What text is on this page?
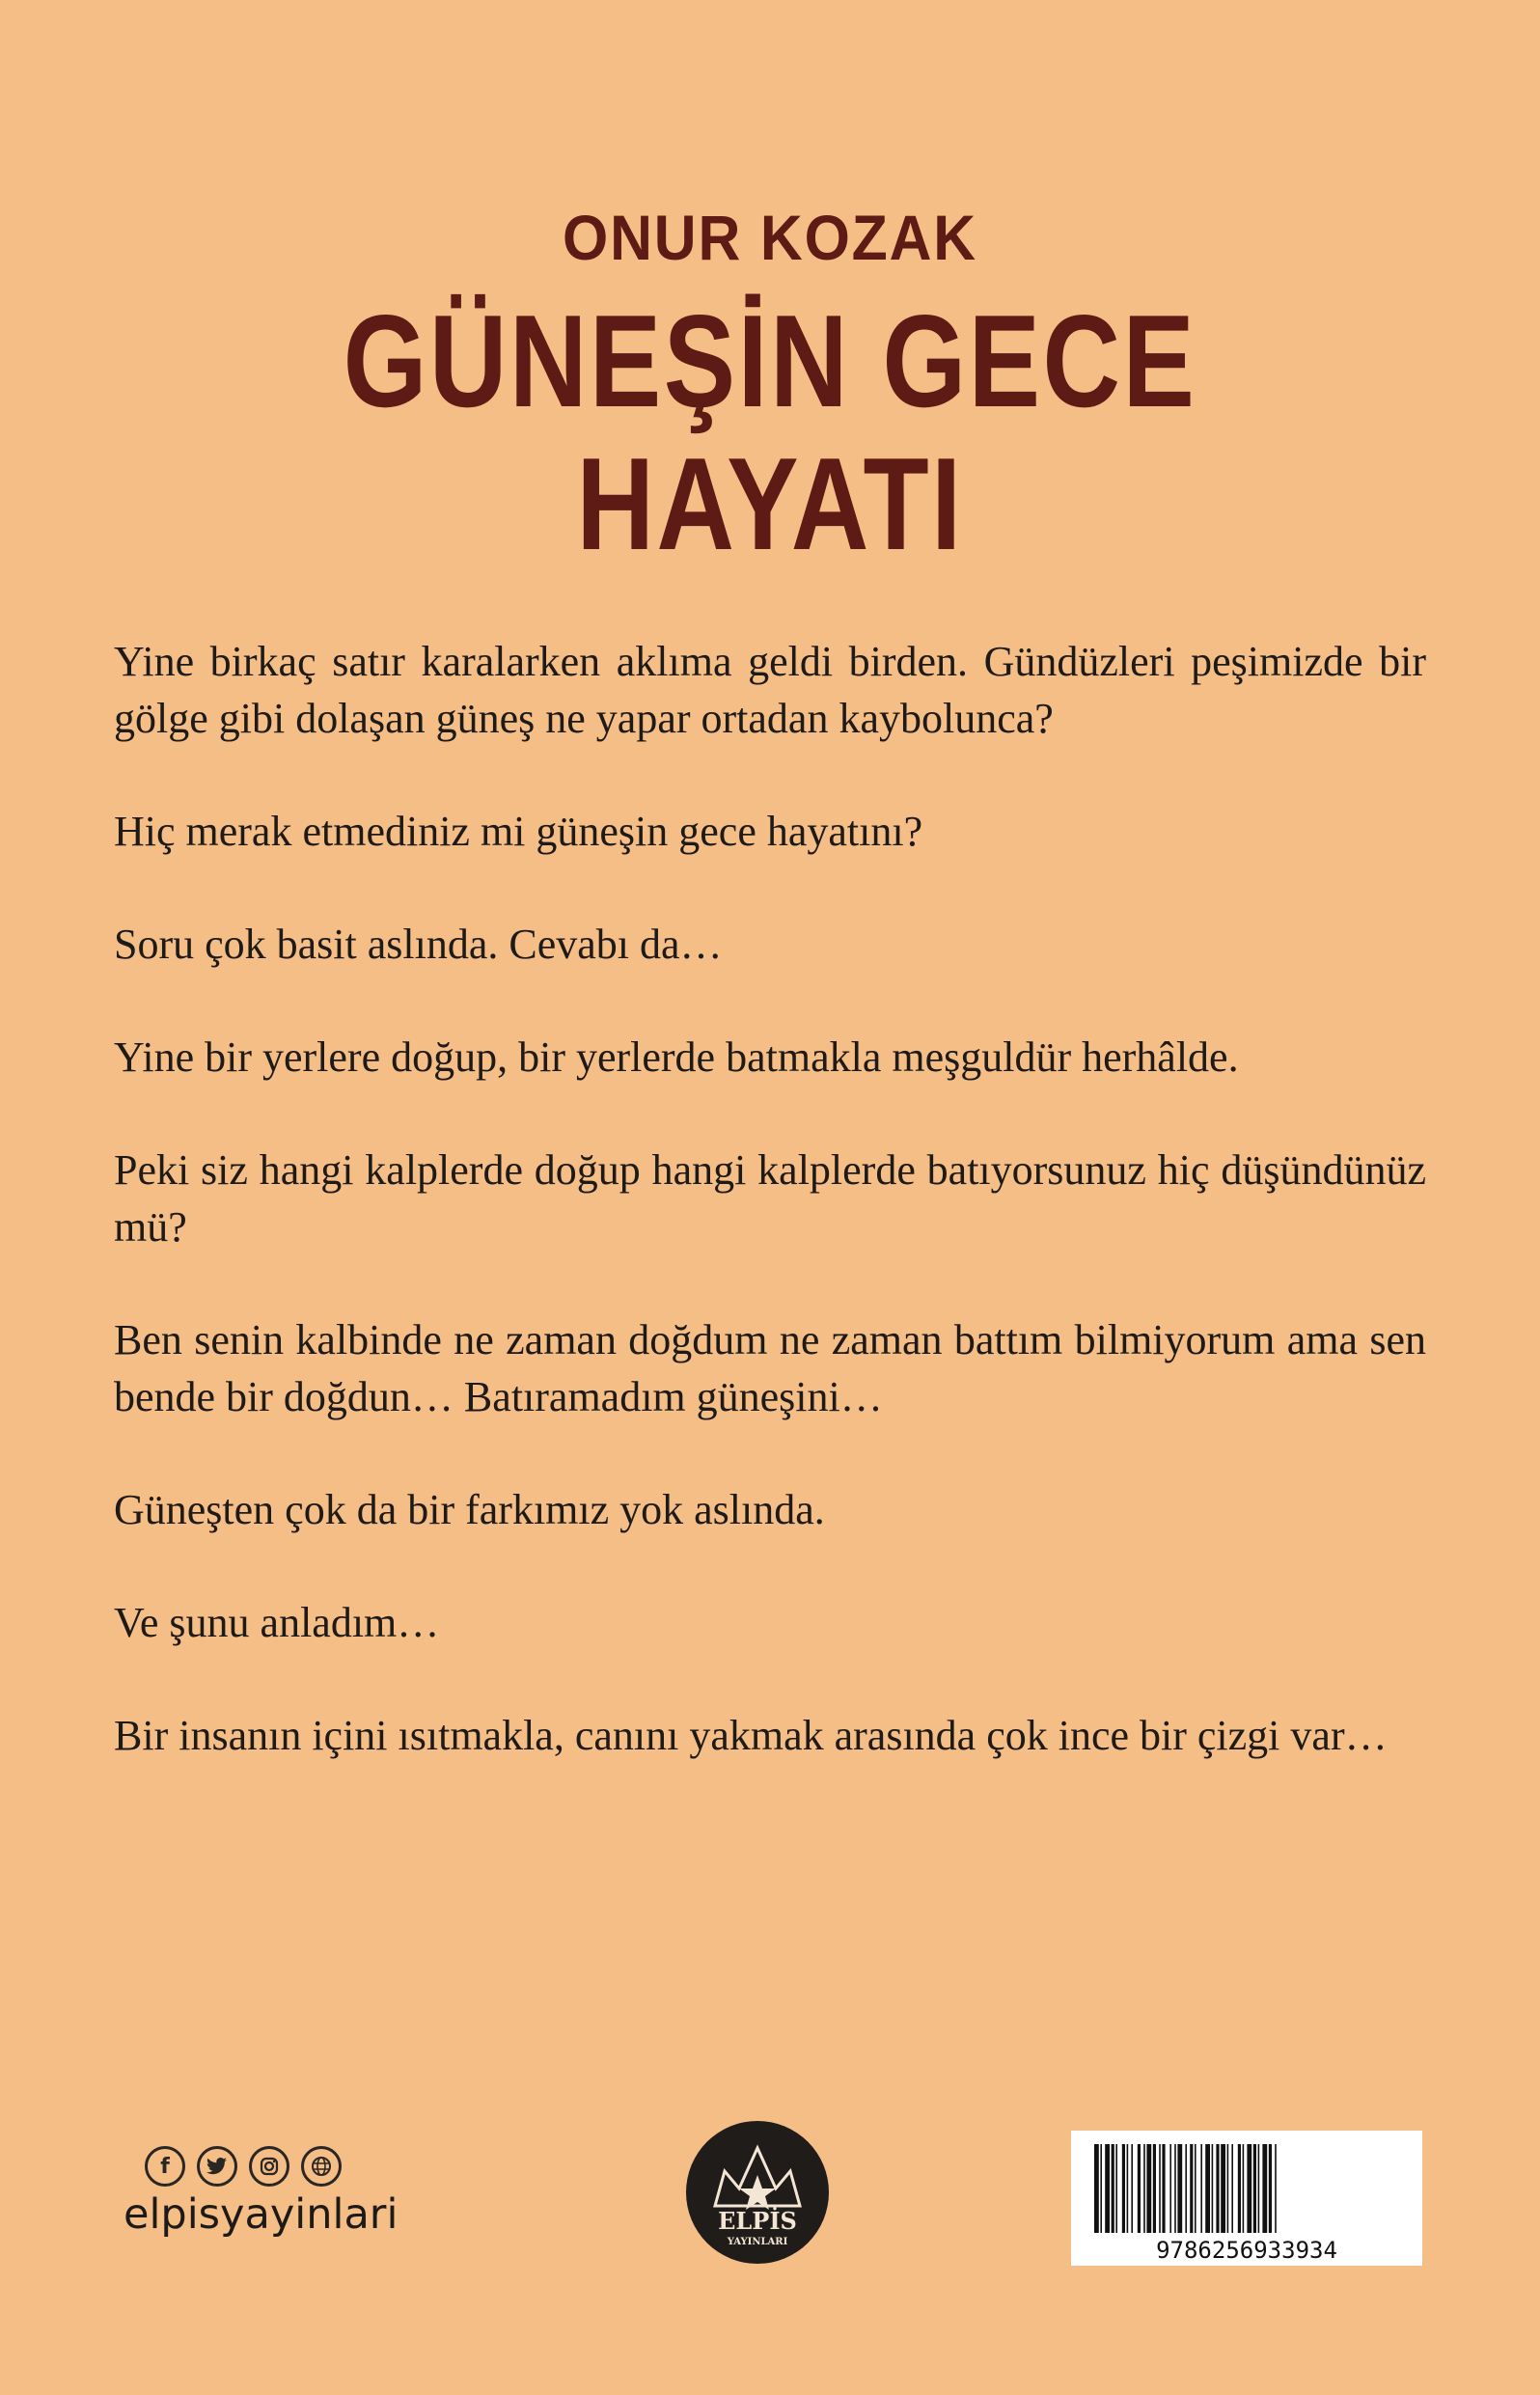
ONUR KOZAK
GÜNEŞİN GECE
HAYATI

Yine birkaç satır karalarken aklıma geldi birden. Gündüzleri peşimizde bir gölge gibi dolaşan güneş ne yapar ortadan kaybolunca?

Hiç merak etmediniz mi güneşin gece hayatını?

Soru çok basit aslında. Cevabı da…

Yine bir yerlere doğup, bir yerlerde batmakla meşguldür herhâlde.

Peki siz hangi kalplerde doğup hangi kalplerde batıyorsunuz hiç düşündünüz mü?

Ben senin kalbinde ne zaman doğdum ne zaman battım bilmiyorum ama sen bende bir doğdun… Batıramadım güneşini…

Güneşten çok da bir farkımız yok aslında.

Ve şunu anladım…

Bir insanın içini ısıtmakla, canını yakmak arasında çok ince bir çizgi var…

f
elpisyayinlari	ELPİS
YAYINLARI	9786256933934
